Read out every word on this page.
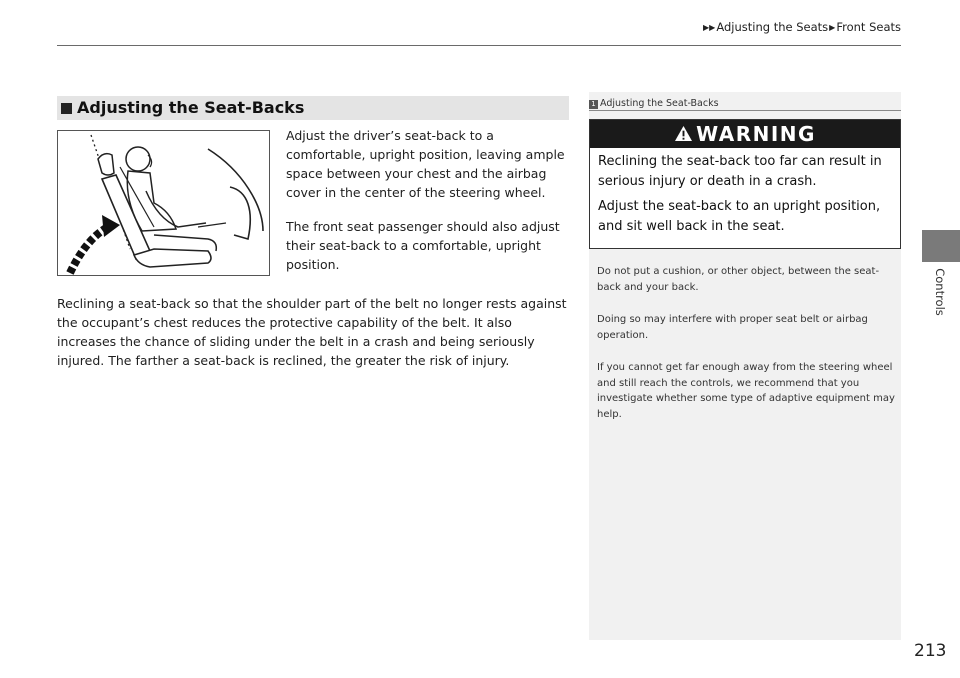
▶▶Adjusting the Seats▶Front Seats
Controls
Adjusting the Seat-Backs

Adjust the driver’s seat-back to a comfortable, upright position, leaving ample space between your chest and the airbag cover in the center of the steering wheel.

The front seat passenger should also adjust their seat-back to a comfortable, upright position.

Reclining a seat-back so that the shoulder part of the belt no longer rests against the occupant’s chest reduces the protective capability of the belt. It also increases the chance of sliding under the belt in a crash and being seriously injured. The farther a seat-back is reclined, the greater the risk of injury.

1 Adjusting the Seat-Backs
WARNING

Reclining the seat-back too far can result in serious injury or death in a crash.

Adjust the seat-back to an upright position, and sit well back in the seat.

Do not put a cushion, or other object, between the seat-back and your back.

Doing so may interfere with proper seat belt or airbag operation.

If you cannot get far enough away from the steering wheel and still reach the controls, we recommend that you investigate whether some type of adaptive equipment may help.

213
